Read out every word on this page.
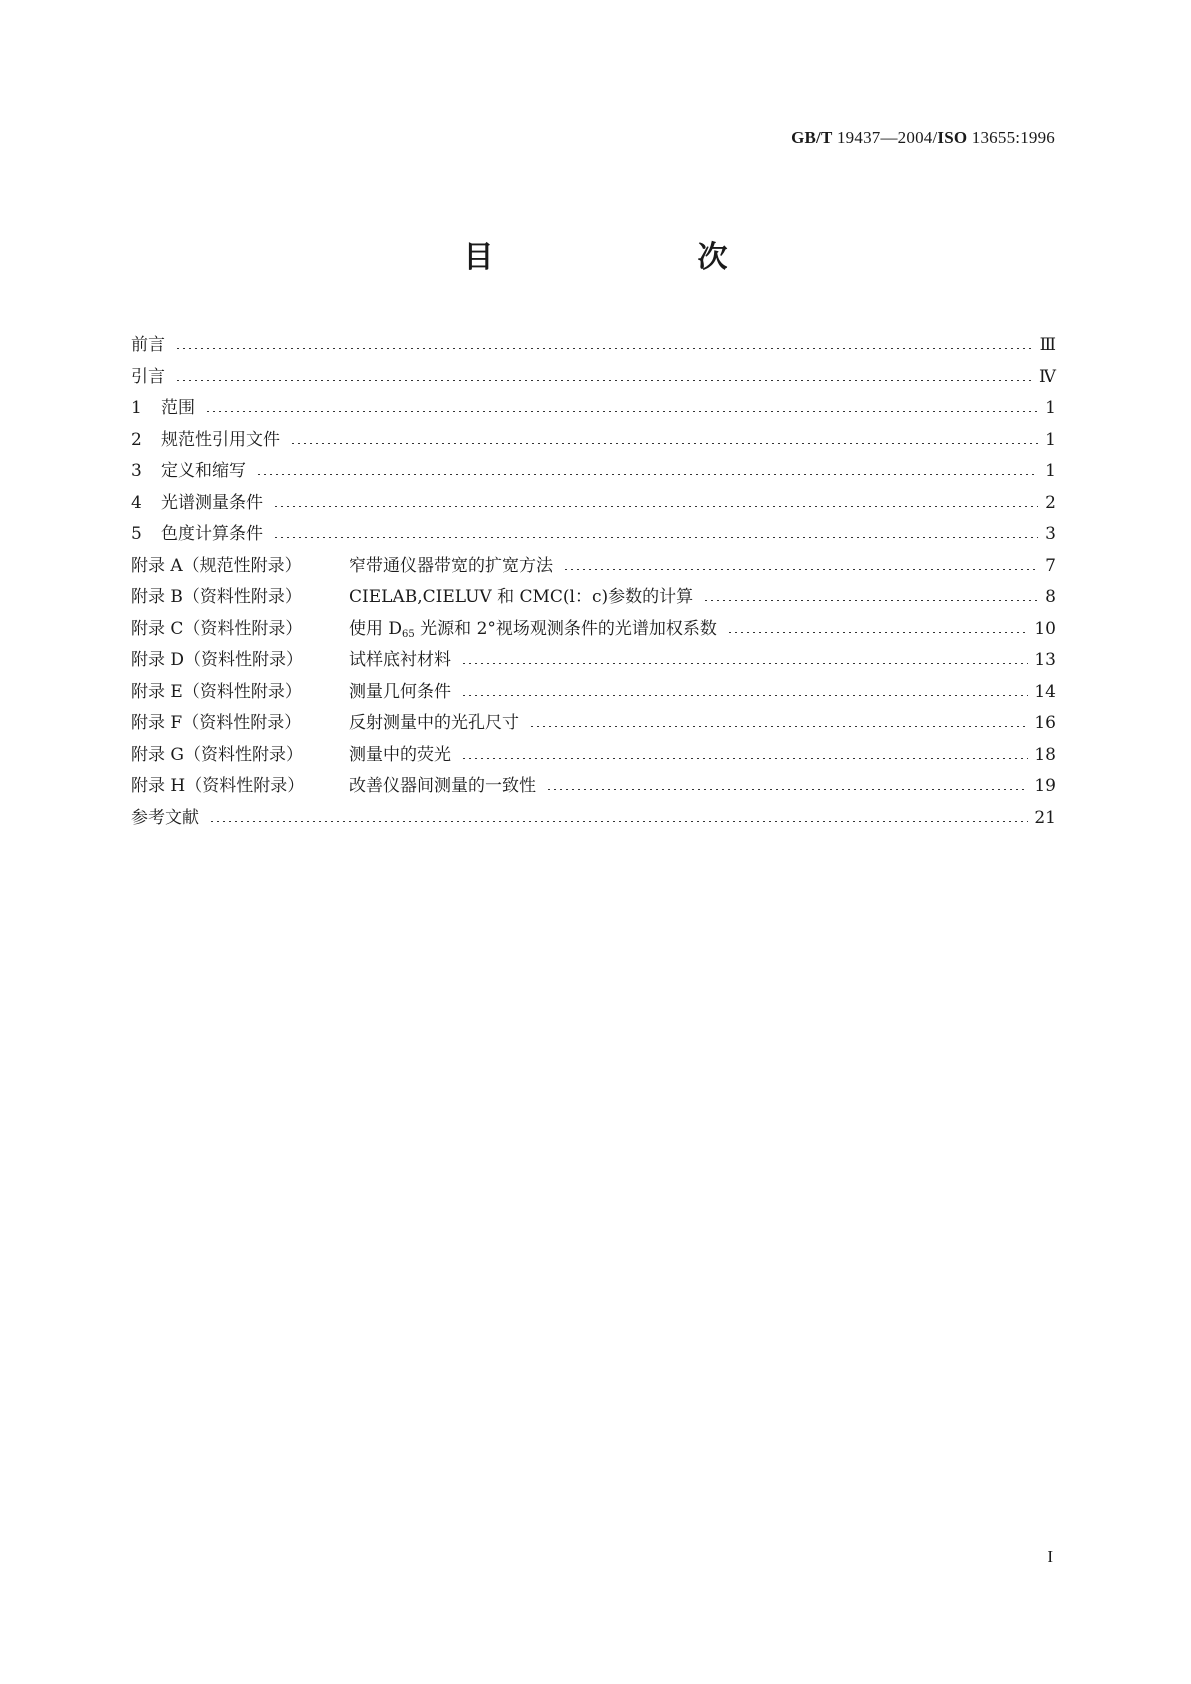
GB/T 19437—2004/ISO 13655:1996
目　　次
前言	Ⅲ
引言	Ⅳ
1	范围	1
2	规范性引用文件	1
3	定义和缩写	1
4	光谱测量条件	2
5	色度计算条件	3
附录 A（规范性附录）	窄带通仪器带宽的扩宽方法	7
附录 B（资料性附录）	CIELAB,CIELUV 和 CMC(l：c)参数的计算	8
附录 C（资料性附录）	使用 $D_{65}$ 光源和 2°视场观测条件的光谱加权系数	10
附录 D（资料性附录）	试样底衬材料	13
附录 E（资料性附录）	测量几何条件	14
附录 F（资料性附录）	反射测量中的光孔尺寸	16
附录 G（资料性附录）	测量中的荧光	18
附录 H（资料性附录）	改善仪器间测量的一致性	19
参考文献	21
I
